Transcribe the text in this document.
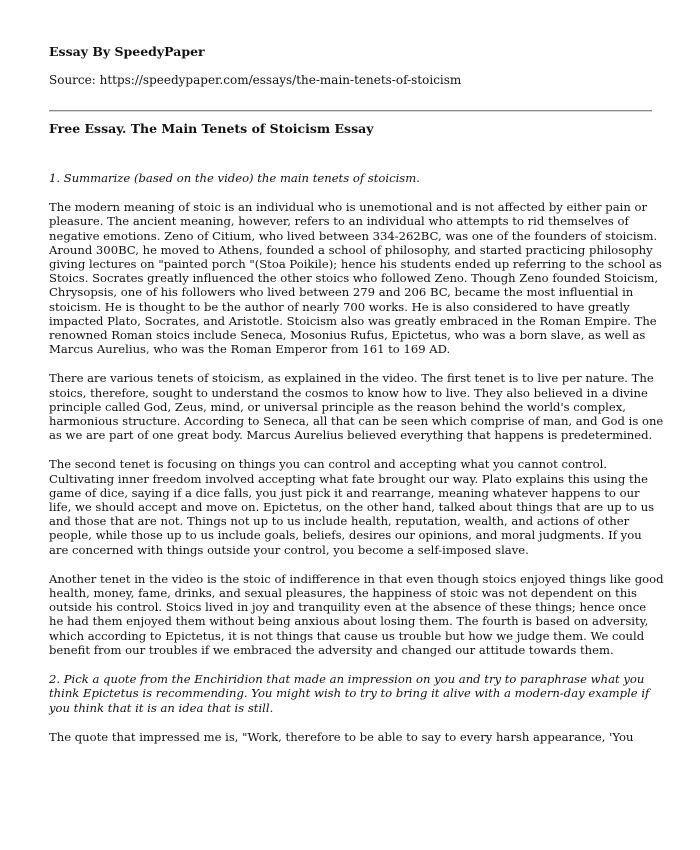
Essay By SpeedyPaper
Source: https://speedypaper.com/essays/the-main-tenets-of-stoicism
Free Essay. The Main Tenets of Stoicism Essay

1. Summarize (based on the video) the main tenets of stoicism.

The modern meaning of stoic is an individual who is unemotional and is not affected by either pain or pleasure. The ancient meaning, however, refers to an individual who attempts to rid themselves of negative emotions. Zeno of Citium, who lived between 334-262BC, was one of the founders of stoicism. Around 300BC, he moved to Athens, founded a school of philosophy, and started practicing philosophy giving lectures on "painted porch "(Stoa Poikile); hence his students ended up referring to the school as Stoics. Socrates greatly influenced the other stoics who followed Zeno. Though Zeno founded Stoicism, Chrysopsis, one of his followers who lived between 279 and 206 BC, became the most influential in stoicism. He is thought to be the author of nearly 700 works. He is also considered to have greatly impacted Plato, Socrates, and Aristotle. Stoicism also was greatly embraced in the Roman Empire. The renowned Roman stoics include Seneca, Mosonius Rufus, Epictetus, who was a born slave, as well as Marcus Aurelius, who was the Roman Emperor from 161 to 169 AD.

There are various tenets of stoicism, as explained in the video. The first tenet is to live per nature. The stoics, therefore, sought to understand the cosmos to know how to live. They also believed in a divine principle called God, Zeus, mind, or universal principle as the reason behind the world's complex, harmonious structure. According to Seneca, all that can be seen which comprise of man, and God is one as we are part of one great body. Marcus Aurelius believed everything that happens is predetermined.

The second tenet is focusing on things you can control and accepting what you cannot control. Cultivating inner freedom involved accepting what fate brought our way. Plato explains this using the game of dice, saying if a dice falls, you just pick it and rearrange, meaning whatever happens to our life, we should accept and move on. Epictetus, on the other hand, talked about things that are up to us and those that are not. Things not up to us include health, reputation, wealth, and actions of other people, while those up to us include goals, beliefs, desires our opinions, and moral judgments. If you are concerned with things outside your control, you become a self-imposed slave.

Another tenet in the video is the stoic of indifference in that even though stoics enjoyed things like good health, money, fame, drinks, and sexual pleasures, the happiness of stoic was not dependent on this outside his control. Stoics lived in joy and tranquility even at the absence of these things; hence once he had them enjoyed them without being anxious about losing them. The fourth is based on adversity, which according to Epictetus, it is not things that cause us trouble but how we judge them. We could benefit from our troubles if we embraced the adversity and changed our attitude towards them.

2. Pick a quote from the Enchiridion that made an impression on you and try to paraphrase what you think Epictetus is recommending. You might wish to try to bring it alive with a modern-day example if you think that it is an idea that is still.

The quote that impressed me is, "Work, therefore to be able to say to every harsh appearance, 'You
